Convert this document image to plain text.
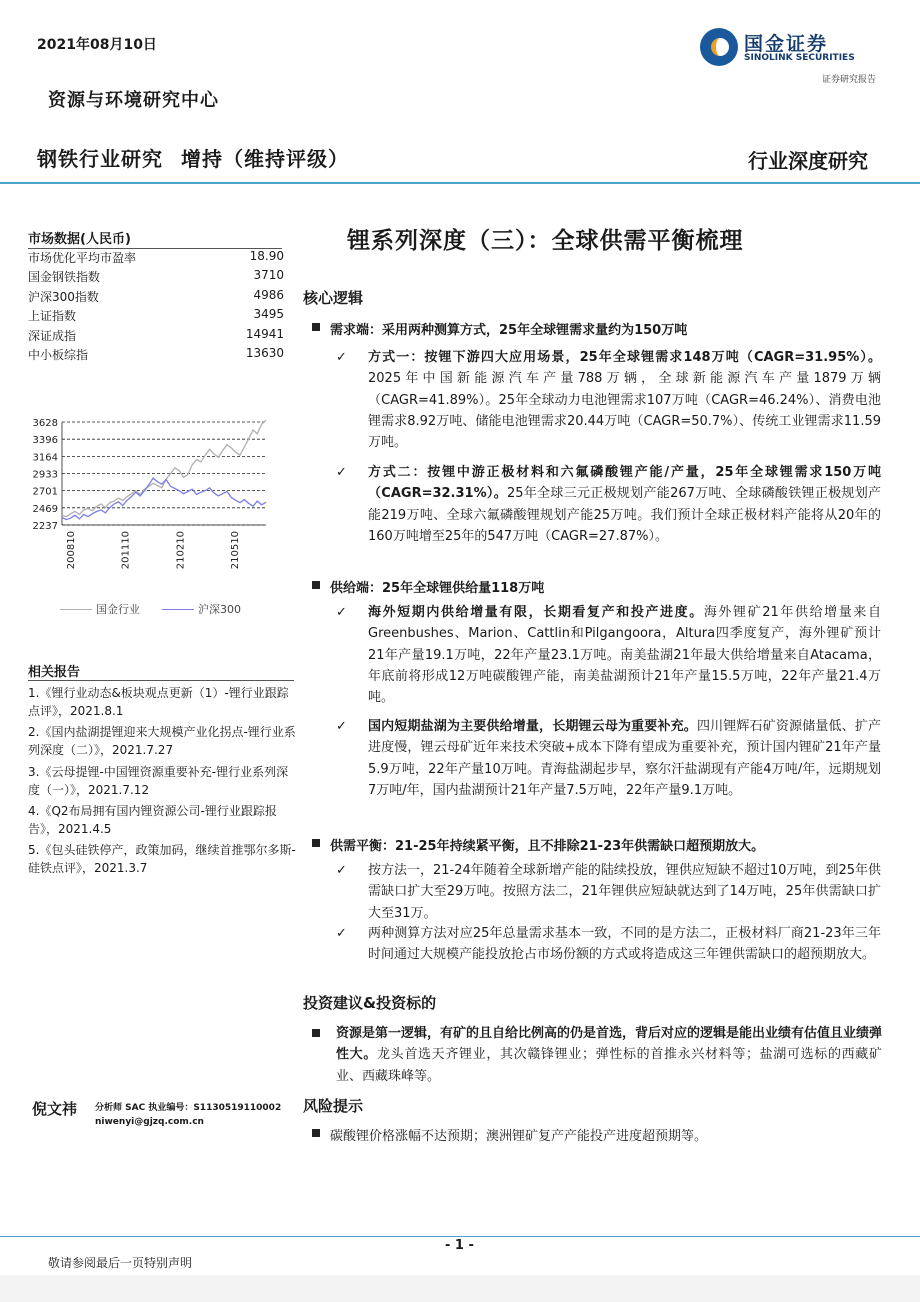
2021年08月10日
资源与环境研究中心
钢铁行业研究 增持（维持评级）	行业深度研究
国金证券
SINOLINK SECURITIES
证券研究报告
市场数据(人民币)
市场优化平均市盈率	18.90
国金钢铁指数	3710
沪深300指数	4986
上证指数	3495
深证成指	14941
中小板综指	13630
3628
3396
3164
2933
2701
2469
2237
200810	201110	210210	210510
国金行业	沪深300
相关报告
1.《锂行业动态&板块观点更新（1）-锂行业跟踪点评》，2021.8.1
2.《国内盐湖提锂迎来大规模产业化拐点-锂行业系列深度（二）》，2021.7.27
3.《云母提锂-中国锂资源重要补充-锂行业系列深度（一）》，2021.7.12
4.《Q2布局拥有国内锂资源公司-锂行业跟踪报告》，2021.4.5
5.《包头硅铁停产，政策加码，继续首推鄂尔多斯-硅铁点评》，2021.3.7
倪文祎 分析师 SAC 执业编号：S1130519110002
niwenyi@gjzq.com.cn
锂系列深度（三）：全球供需平衡梳理
核心逻辑
需求端：采用两种测算方式，25年全球锂需求量约为150万吨
✓ 方式一：按锂下游四大应用场景，25年全球锂需求148万吨（CAGR=31.95%）。2025年中国新能源汽车产量788万辆，全球新能源汽车产量1879万辆（CAGR=41.89%）。25年全球动力电池锂需求107万吨（CAGR=46.24%）、消费电池锂需求8.92万吨、储能电池锂需求20.44万吨（CAGR=50.7%）、传统工业锂需求11.59万吨。
✓ 方式二：按锂中游正极材料和六氟磷酸锂产能/产量，25年全球锂需求150万吨（CAGR=32.31%）。25年全球三元正极规划产能267万吨、全球磷酸铁锂正极规划产能219万吨、全球六氟磷酸锂规划产能25万吨。我们预计全球正极材料产能将从20年的160万吨增至25年的547万吨（CAGR=27.87%）。
供给端：25年全球锂供给量118万吨
✓ 海外短期内供给增量有限，长期看复产和投产进度。海外锂矿21年供给增量来自Greenbushes、Marion、Cattlin和Pilgangoora，Altura四季度复产，海外锂矿预计21年产量19.1万吨，22年产量23.1万吨。南美盐湖21年最大供给增量来自Atacama，年底前将形成12万吨碳酸锂产能，南美盐湖预计21年产量15.5万吨，22年产量21.4万吨。
✓ 国内短期盐湖为主要供给增量，长期锂云母为重要补充。四川锂辉石矿资源储量低、扩产进度慢，锂云母矿近年来技术突破+成本下降有望成为重要补充，预计国内锂矿21年产量5.9万吨，22年产量10万吨。青海盐湖起步早，察尔汗盐湖现有产能4万吨/年，远期规划7万吨/年，国内盐湖预计21年产量7.5万吨，22年产量9.1万吨。
供需平衡：21-25年持续紧平衡，且不排除21-23年供需缺口超预期放大。
✓ 按方法一，21-24年随着全球新增产能的陆续投放，锂供应短缺不超过10万吨，到25年供需缺口扩大至29万吨。按照方法二，21年锂供应短缺就达到了14万吨，25年供需缺口扩大至31万。
✓ 两种测算方法对应25年总量需求基本一致，不同的是方法二，正极材料厂商21-23年三年时间通过大规模产能投放抢占市场份额的方式或将造成这三年锂供需缺口的超预期放大。
投资建议&投资标的
资源是第一逻辑，有矿的且自给比例高的仍是首选，背后对应的逻辑是能出业绩有估值且业绩弹性大。龙头首选天齐锂业，其次赣锋锂业；弹性标的首推永兴材料等；盐湖可选标的西藏矿业、西藏珠峰等。
风险提示
碳酸锂价格涨幅不达预期；澳洲锂矿复产产能投产进度超预期等。
- 1 -
敬请参阅最后一页特别声明
